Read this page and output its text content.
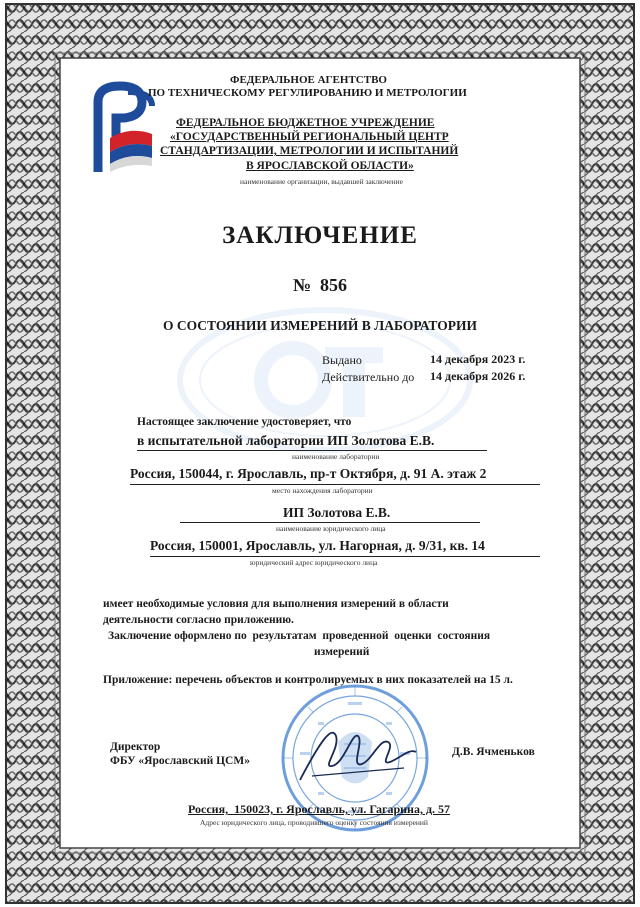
ФЕДЕРАЛЬНОЕ АГЕНТСТВО

ПО ТЕХНИЧЕСКОМУ РЕГУЛИРОВАНИЮ И МЕТРОЛОГИИ

ФЕДЕРАЛЬНОЕ БЮДЖЕТНОЕ УЧРЕЖДЕНИЕ

«ГОСУДАРСТВЕННЫЙ РЕГИОНАЛЬНЫЙ ЦЕНТР

СТАНДАРТИЗАЦИИ, МЕТРОЛОГИИ И ИСПЫТАНИЙ

В ЯРОСЛАВСКОЙ ОБЛАСТИ»

наименование организации, выдавшей заключение

ЗАКЛЮЧЕНИЕ

№  856

О СОСТОЯНИИ ИЗМЕРЕНИЙ В ЛАБОРАТОРИИ

Выдано	14 декабря 2023 г.

Действительно до 14 декабря 2026 г.

Настоящее заключение удостоверяет, что

в испытательной лаборатории ИП Золотова Е.В.

наименование лаборатории

Россия, 150044, г. Ярославль, пр-т Октября, д. 91 А. этаж 2

место нахождения лаборатории

ИП Золотова Е.В.

наименование юридического лица

Россия, 150001, Ярославль, ул. Нагорная, д. 9/31, кв. 14

юридический адрес юридического лица

имеет необходимые условия для выполнения измерений в области

деятельности согласно приложению.

Заключение оформлено по  результатам  проведенной  оценки  состояния

измерений

Приложение: перечень объектов и контролируемых в них показателей на 15 л.

Директор

ФБУ «Ярославский ЦСМ»

Д.В. Ячменьков

Россия,  150023, г. Ярославль, ул. Гагарина, д. 57

Адрес юридического лица, проводившего оценку состояния измерений
